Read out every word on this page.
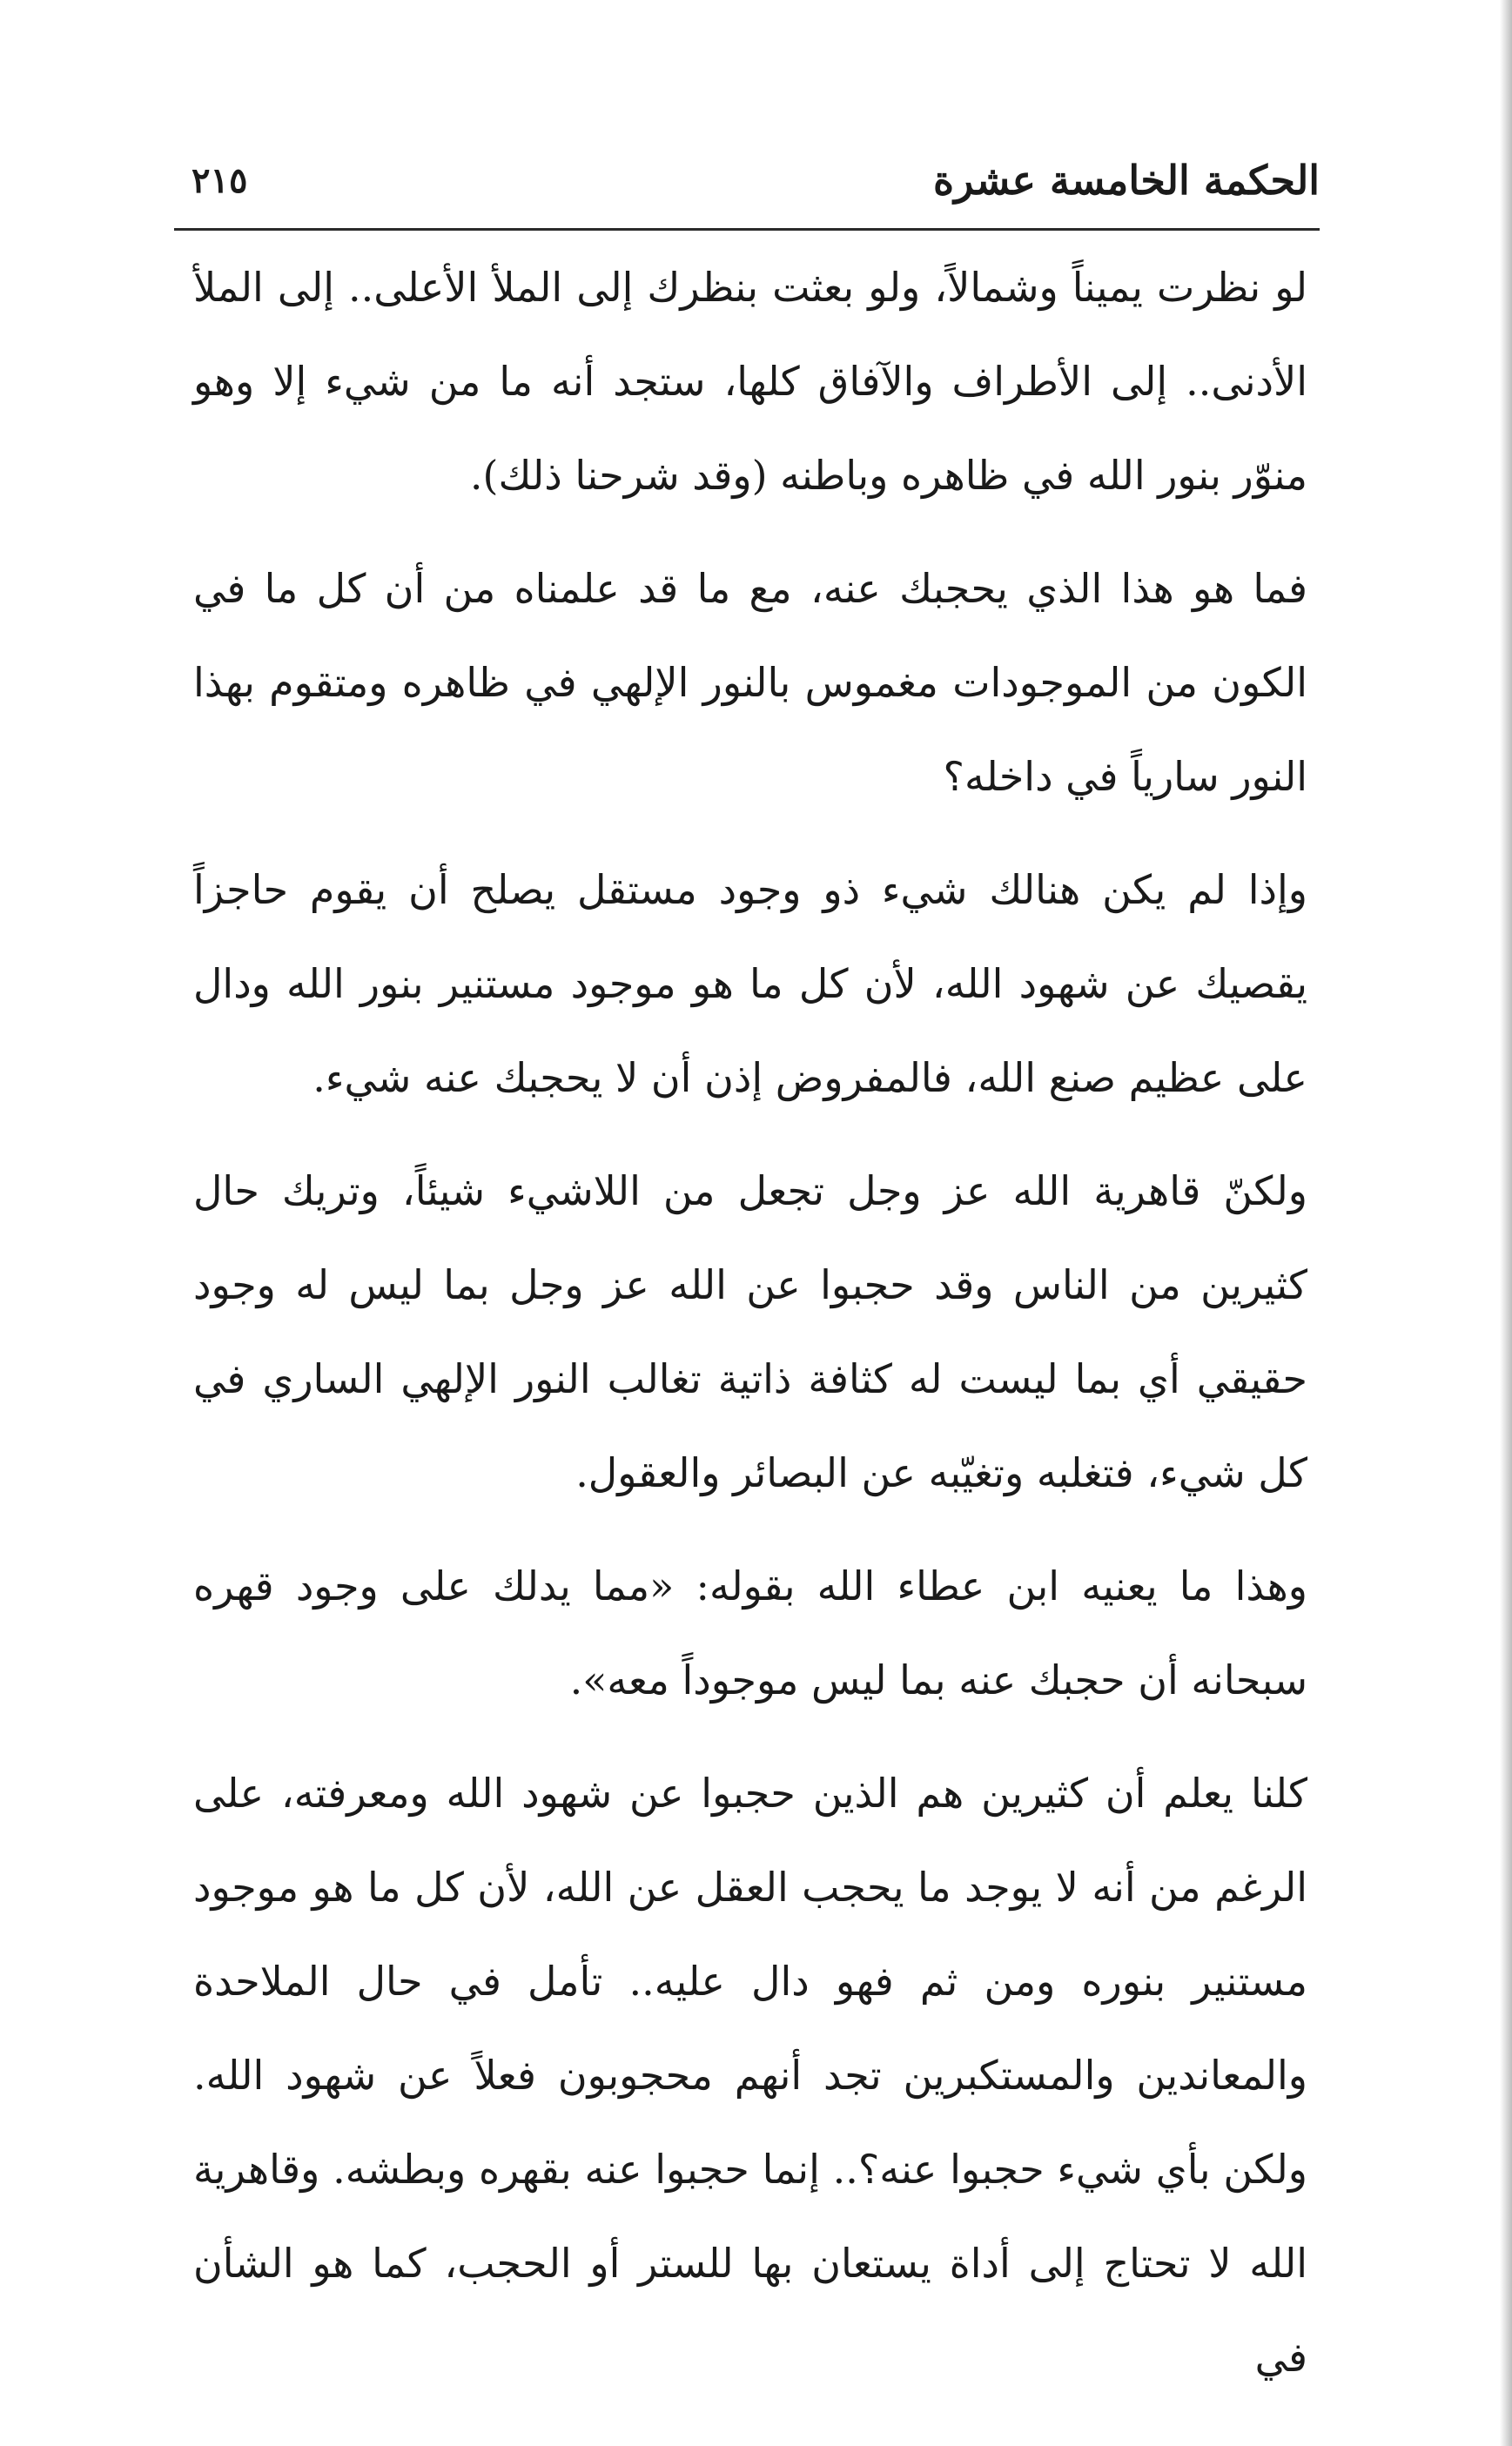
الحكمة الخامسة عشرة
٢١٥

لو نظرت يميناً وشمالاً، ولو بعثت بنظرك إلى الملأ الأعلى.. إلى الملأ الأدنى.. إلى الأطراف والآفاق كلها، ستجد أنه ما من شيء إلا وهو منوّر بنور الله في ظاهره وباطنه (وقد شرحنا ذلك).

فما هو هذا الذي يحجبك عنه، مع ما قد علمناه من أن كل ما في الكون من الموجودات مغموس بالنور الإلهي في ظاهره ومتقوم بهذا النور سارياً في داخله؟

وإذا لم يكن هنالك شيء ذو وجود مستقل يصلح أن يقوم حاجزاً يقصيك عن شهود الله، لأن كل ما هو موجود مستنير بنور الله ودال على عظيم صنع الله، فالمفروض إذن أن لا يحجبك عنه شيء.

ولكنّ قاهرية الله عز وجل تجعل من اللاشيء شيئاً، وتريك حال كثيرين من الناس وقد حجبوا عن الله عز وجل بما ليس له وجود حقيقي أي بما ليست له كثافة ذاتية تغالب النور الإلهي الساري في كل شيء، فتغلبه وتغيّبه عن البصائر والعقول.

وهذا ما يعنيه ابن عطاء الله بقوله: «مما يدلك على وجود قهره سبحانه أن حجبك عنه بما ليس موجوداً معه».

كلنا يعلم أن كثيرين هم الذين حجبوا عن شهود الله ومعرفته، على الرغم من أنه لا يوجد ما يحجب العقل عن الله، لأن كل ما هو موجود مستنير بنوره ومن ثم فهو دال عليه.. تأمل في حال الملاحدة والمعاندين والمستكبرين تجد أنهم محجوبون فعلاً عن شهود الله. ولكن بأي شيء حجبوا عنه؟.. إنما حجبوا عنه بقهره وبطشه. وقاهرية الله لا تحتاج إلى أداة يستعان بها للستر أو الحجب، كما هو الشأن في
